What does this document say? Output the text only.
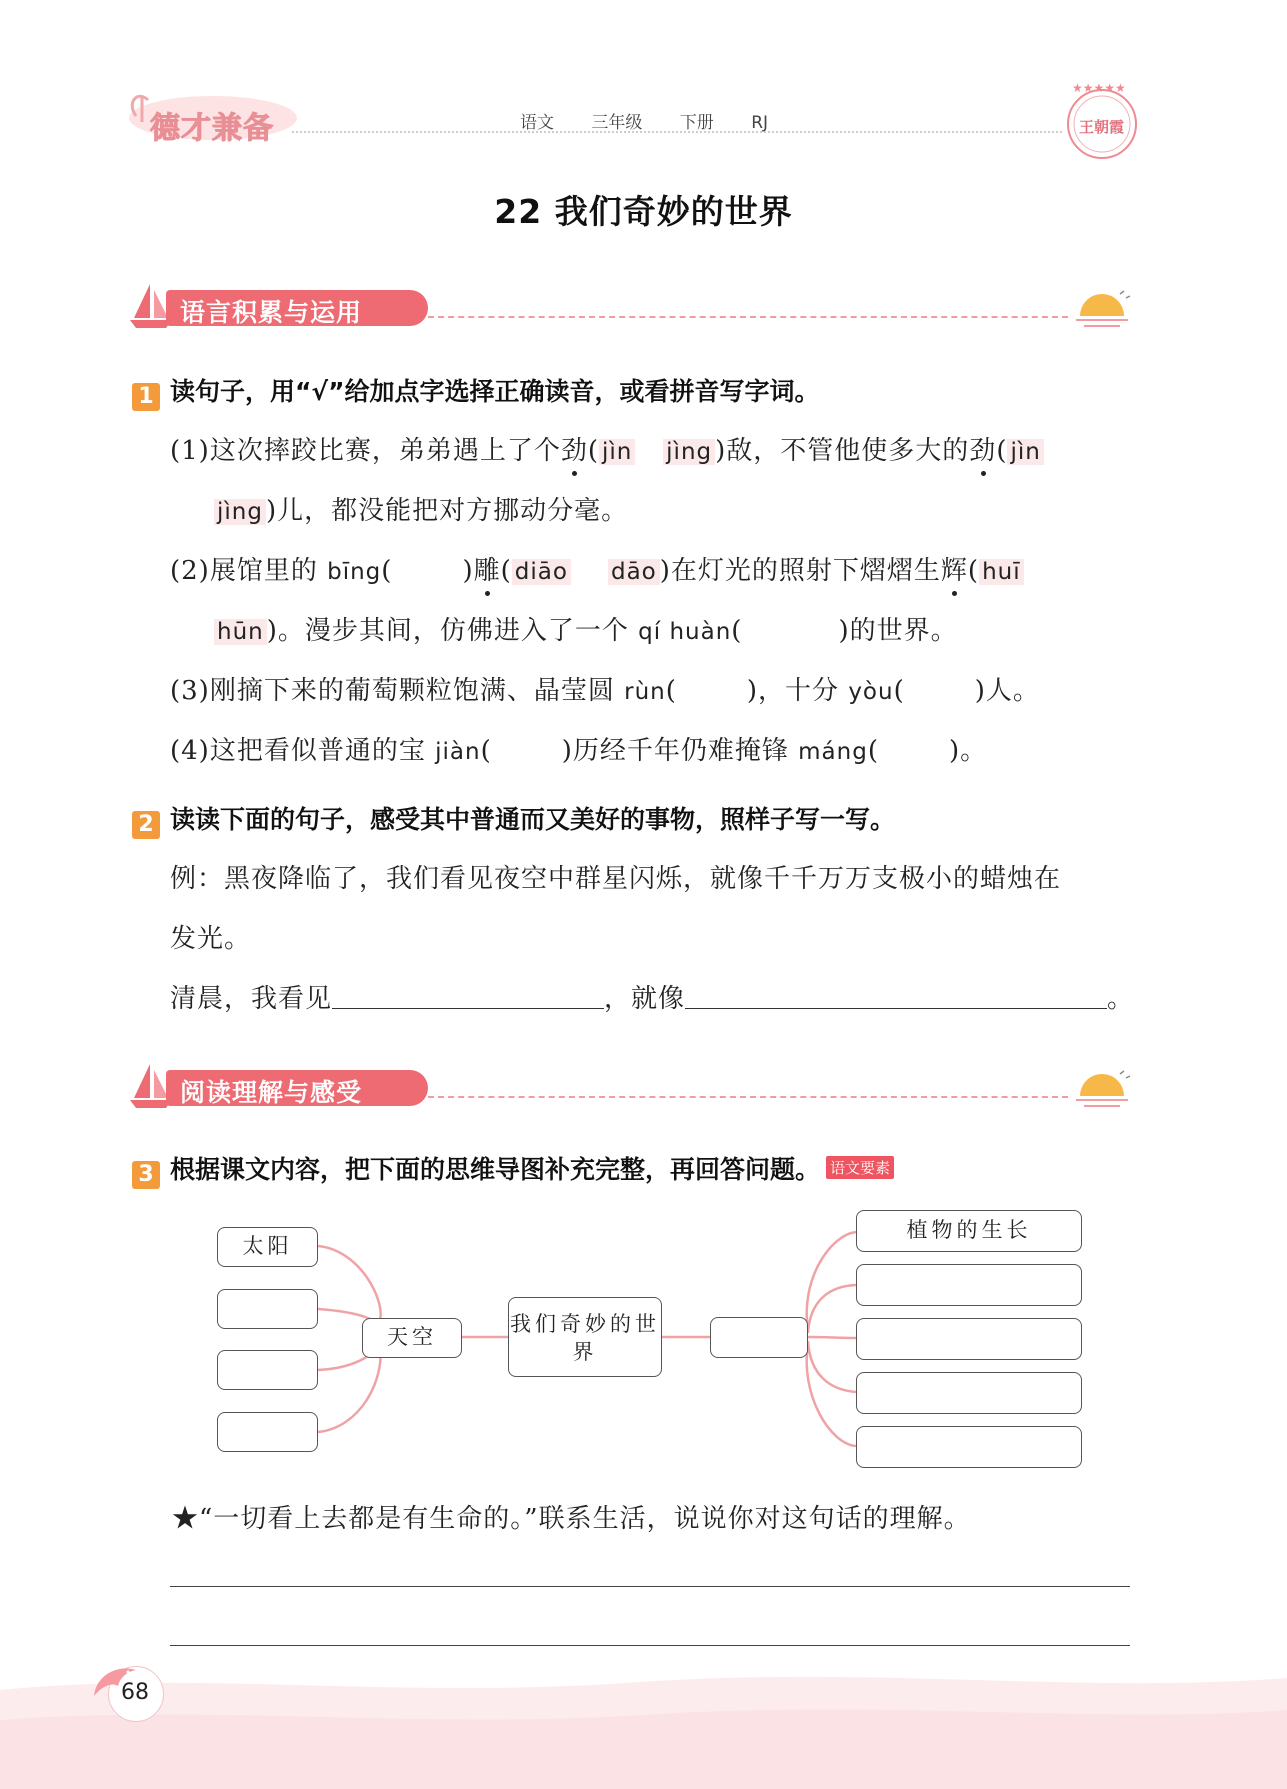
德才兼备	语文 三年级 下册 RJ
★★★★★
王朝霞
22 我们奇妙的世界
语言积累与运用
1 读句子，用“√”给加点字选择正确读音，或看拼音写字词。
(1)这次摔跤比赛，弟弟遇上了个劲( jìn jìng )敌，不管他使多大的劲( jìn
jìng )儿，都没能把对方挪动分毫。
(2)展馆里的 bīng(	)雕( diāo dāo )在灯光的照射下熠熠生辉( huī
hūn )。漫步其间，仿佛进入了一个 qí huàn(	)的世界。
(3)刚摘下来的葡萄颗粒饱满、晶莹圆 rùn(	)，十分 yòu(	)人。
(4)这把看似普通的宝 jiàn(	)历经千年仍难掩锋 máng(	)。
2 读读下面的句子，感受其中普通而又美好的事物，照样子写一写。
例：黑夜降临了，我们看见夜空中群星闪烁，就像千千万万支极小的蜡烛在
发光。
清晨，我看见	，就像	。
阅读理解与感受
3 根据课文内容，把下面的思维导图补充完整，再回答问题。 语文要素
太阳
天空
我们奇妙的世界
植物的生长
★“一切看上去都是有生命的。”联系生活，说说你对这句话的理解。
68
